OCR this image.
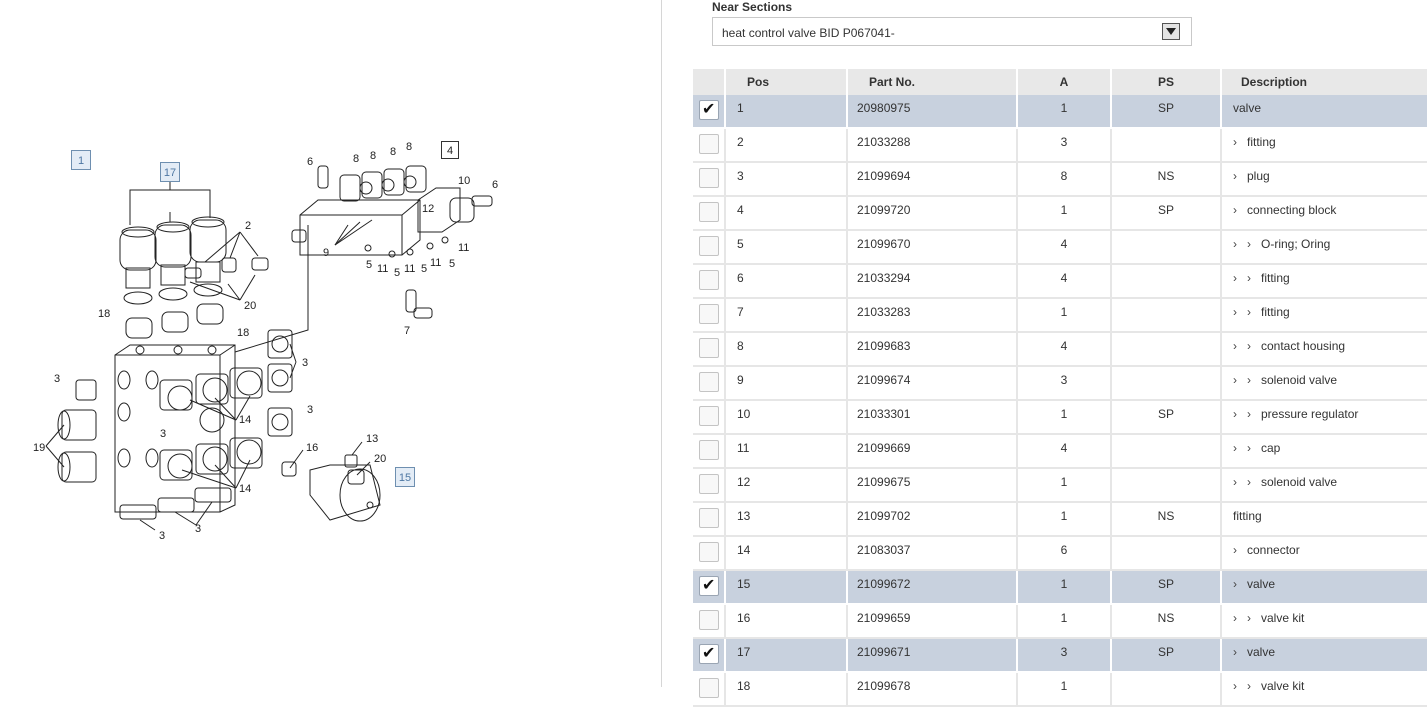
6	8 8 8 8
10 6
12
9
5 11 5 11 5 11 5
11
7
2
20
18
18
3
3
3
14
3
19
14
16
13
20
3
3
1
17
15
4
Near Sections
heat control valve BID P067041-
	Pos	Part No.	A	PS	Description

✔	1	20980975	1	SP	valve

	2	21033288	3		› fitting

	3	21099694	8	NS	› plug

	4	21099720	1	SP	› connecting block

	5	21099670	4		› › O-ring; Oring

	6	21033294	4		› › fitting

	7	21033283	1		› › fitting

	8	21099683	4		› › contact housing

	9	21099674	3		› › solenoid valve

	10	21033301	1	SP	› › pressure regulator

	11	21099669	4		› › cap

	12	21099675	1		› › solenoid valve

	13	21099702	1	NS	fitting

	14	21083037	6		› connector

✔	15	21099672	1	SP	› valve

	16	21099659	1	NS	› › valve kit

✔	17	21099671	3	SP	› valve

	18	21099678	1		› › valve kit
